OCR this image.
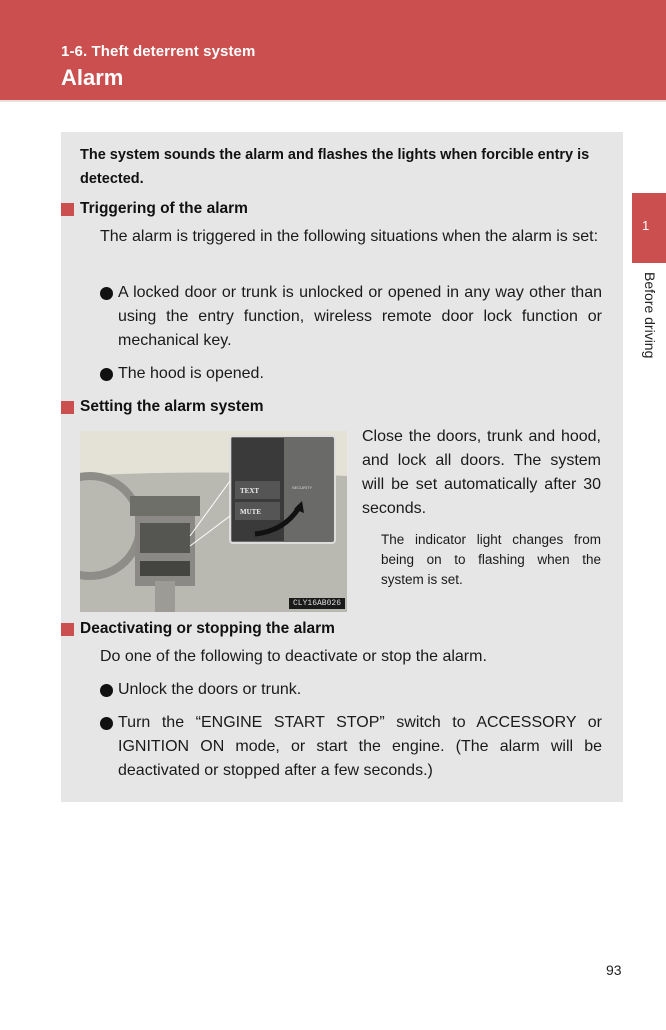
1-6. Theft deterrent system
Alarm
1
Before driving
The system sounds the alarm and flashes the lights when forcible entry is detected.
Triggering of the alarm
The alarm is triggered in the following situations when the alarm is set:
A locked door or trunk is unlocked or opened in any way other than using the entry function, wireless remote door lock function or mechanical key.
The hood is opened.
Setting the alarm system
TEXT
MUTE
SECURITY
CLY16AB026
Close the doors, trunk and hood, and lock all doors. The system will be set automatically after 30 seconds.
The indicator light changes from being on to flashing when the system is set.
Deactivating or stopping the alarm
Do one of the following to deactivate or stop the alarm.
Unlock the doors or trunk.
Turn the “ENGINE START STOP” switch to ACCESSORY or IGNITION ON mode, or start the engine. (The alarm will be deactivated or stopped after a few seconds.)
93
